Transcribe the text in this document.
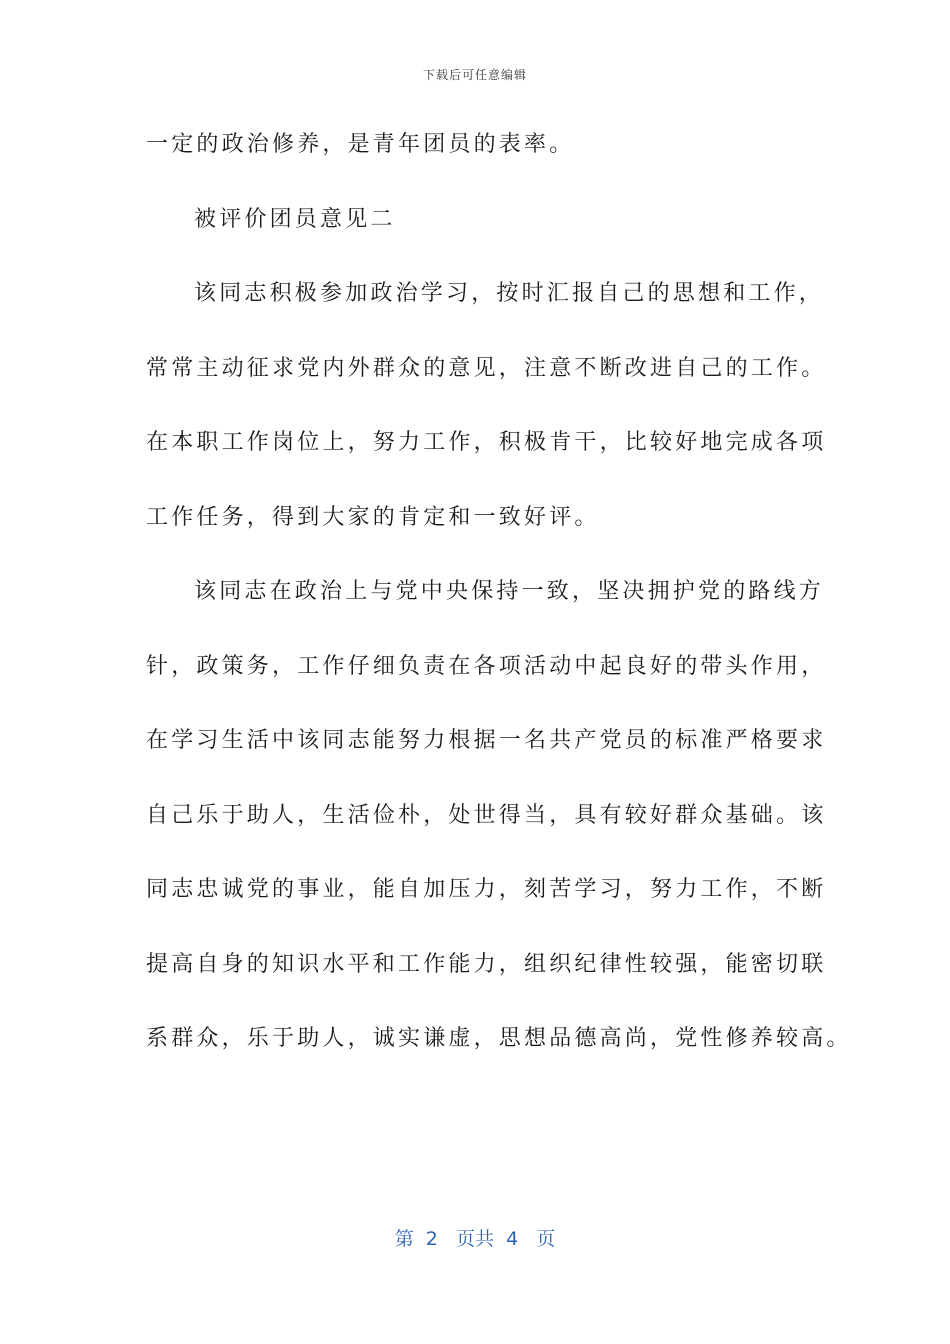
下载后可任意编辑
一定的政治修养，是青年团员的表率。
被评价团员意见二
该同志积极参加政治学习，按时汇报自己的思想和工作，
常常主动征求党内外群众的意见，注意不断改进自己的工作。
在本职工作岗位上，努力工作，积极肯干，比较好地完成各项
工作任务，得到大家的肯定和一致好评。
该同志在政治上与党中央保持一致，坚决拥护党的路线方
针，政策务，工作仔细负责在各项活动中起良好的带头作用，
在学习生活中该同志能努力根据一名共产党员的标准严格要求
自己乐于助人，生活俭朴，处世得当，具有较好群众基础。该
同志忠诚党的事业，能自加压力，刻苦学习，努力工作，不断
提高自身的知识水平和工作能力，组织纪律性较强，能密切联
系群众，乐于助人，诚实谦虚，思想品德高尚，党性修养较高。
第  2   页共  4   页
